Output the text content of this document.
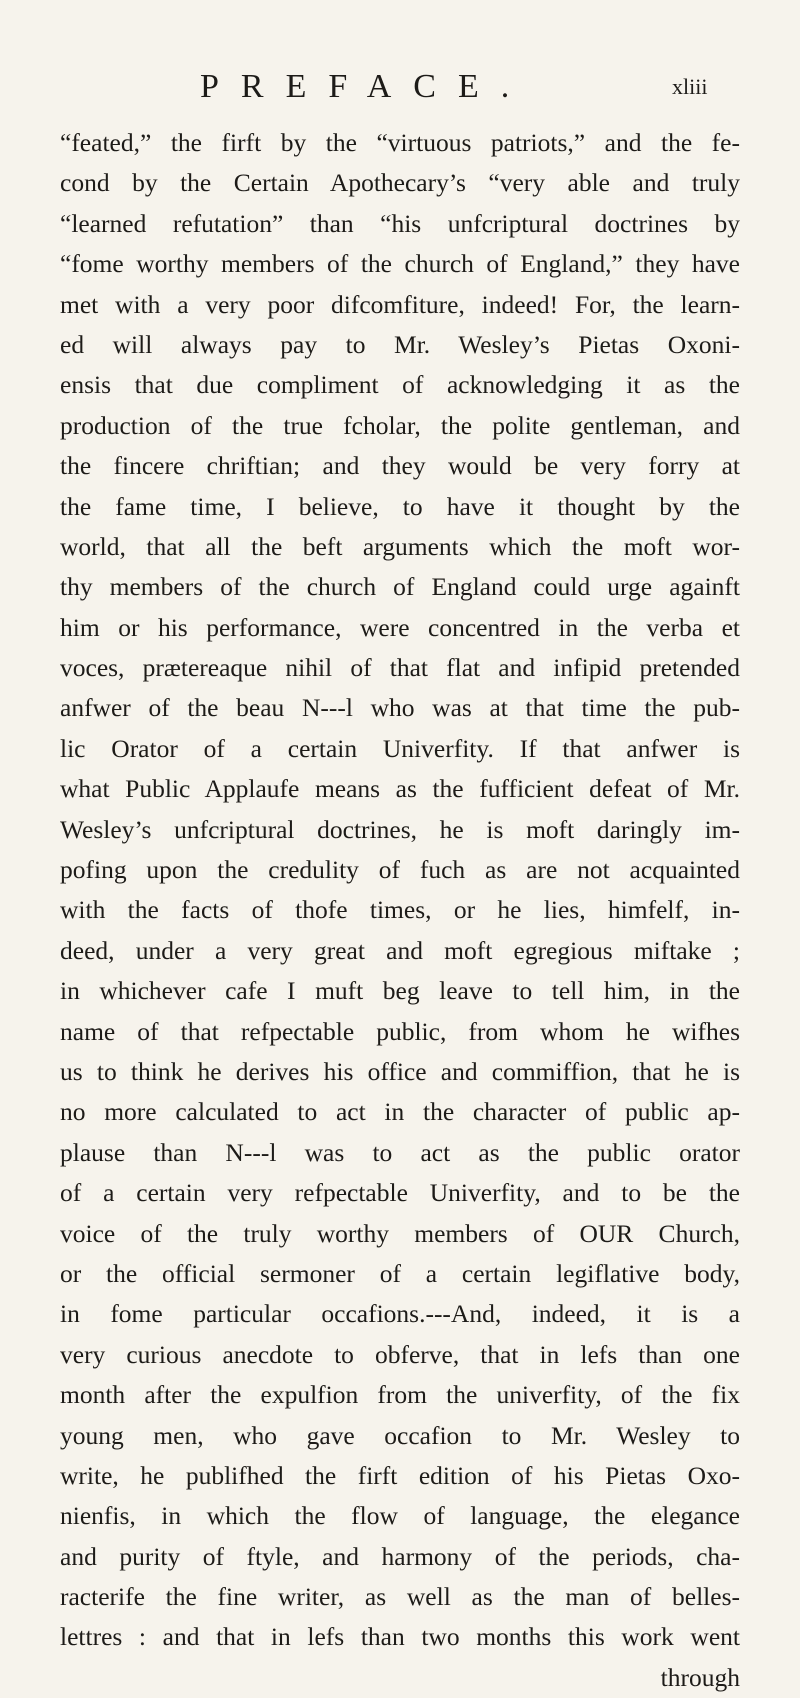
PREFACE.	xliii
“feated,” the firft by the “virtuous patriots,” and the fe-
cond by the Certain Apothecary’s “very able and truly
“learned refutation” than “his unfcriptural doctrines by
“fome worthy members of the church of England,” they have
met with a very poor difcomfiture, indeed! For, the learn-
ed will always pay to Mr. Wesley’s Pietas Oxoni-
ensis that due compliment of acknowledging it as the
production of the true fcholar, the polite gentleman, and
the fincere chriftian; and they would be very forry at
the fame time, I believe, to have it thought by the
world, that all the beft arguments which the moft wor-
thy members of the church of England could urge againft
him or his performance, were concentred in the verba et
voces, prætereaque nihil of that flat and infipid pretended
anfwer of the beau N---l who was at that time the pub-
lic Orator of a certain Univerfity. If that anfwer is
what Public Applaufe means as the fufficient defeat of Mr.
Wesley’s unfcriptural doctrines, he is moft daringly im-
pofing upon the credulity of fuch as are not acquainted
with the facts of thofe times, or he lies, himfelf, in-
deed, under a very great and moft egregious miftake ;
in whichever cafe I muft beg leave to tell him, in the
name of that refpectable public, from whom he wifhes
us to think he derives his office and commiffion, that he is
no more calculated to act in the character of public ap-
plause than N---l was to act as the public orator
of a certain very refpectable Univerfity, and to be the
voice of the truly worthy members of OUR Church,
or the official sermoner of a certain legiflative body,
in fome particular occafions.---And, indeed, it is a
very curious anecdote to obferve, that in lefs than one
month after the expulfion from the univerfity, of the fix
young men, who gave occafion to Mr. Wesley to
write, he publifhed the firft edition of his Pietas Oxo-
nienfis, in which the flow of language, the elegance
and purity of ftyle, and harmony of the periods, cha-
racterife the fine writer, as well as the man of belles-
lettres : and that in lefs than two months this work went
through
